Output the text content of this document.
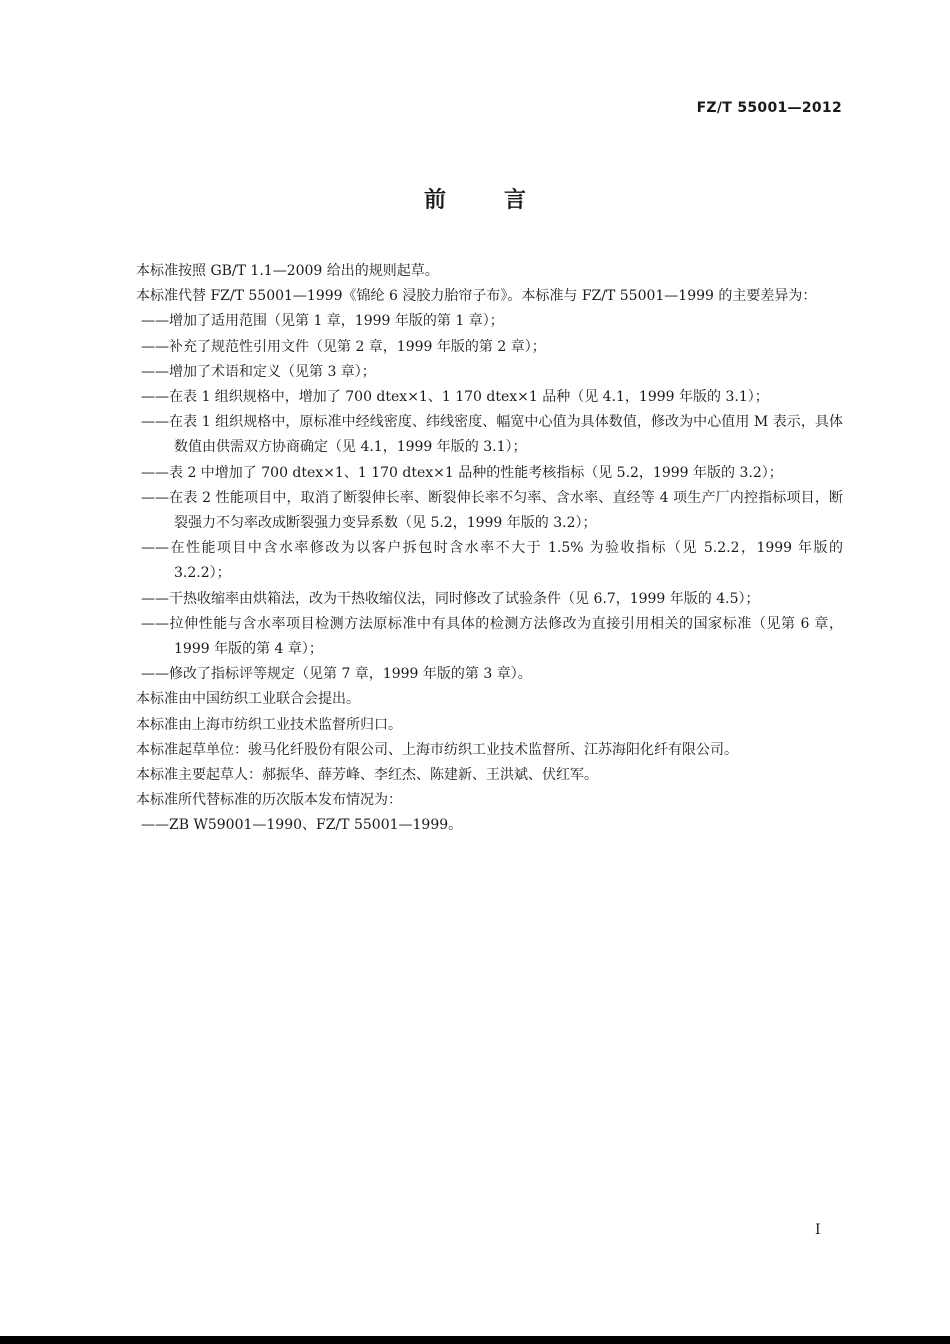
FZ/T 55001—2012
前	言

本标准按照 GB/T 1.1—2009 给出的规则起草。

本标准代替 FZ/T 55001—1999《锦纶 6 浸胶力胎帘子布》。本标准与 FZ/T 55001—1999 的主要差异为：

——增加了适用范围（见第 1 章，1999 年版的第 1 章）；

——补充了规范性引用文件（见第 2 章，1999 年版的第 2 章）；

——增加了术语和定义（见第 3 章）；

——在表 1 组织规格中，增加了 700 dtex×1、1 170 dtex×1 品种（见 4.1，1999 年版的 3.1）；

——在表 1 组织规格中，原标准中经线密度、纬线密度、幅宽中心值为具体数值，修改为中心值用 M 表示，具体数值由供需双方协商确定（见 4.1，1999 年版的 3.1）；

——表 2 中增加了 700 dtex×1、1 170 dtex×1 品种的性能考核指标（见 5.2，1999 年版的 3.2）；

——在表 2 性能项目中，取消了断裂伸长率、断裂伸长率不匀率、含水率、直经等 4 项生产厂内控指标项目，断裂强力不匀率改成断裂强力变异系数（见 5.2，1999 年版的 3.2）；

——在性能项目中含水率修改为以客户拆包时含水率不大于 1.5% 为验收指标（见 5.2.2，1999 年版的 3.2.2）；

——干热收缩率由烘箱法，改为干热收缩仪法，同时修改了试验条件（见 6.7，1999 年版的 4.5）；

——拉伸性能与含水率项目检测方法原标准中有具体的检测方法修改为直接引用相关的国家标准（见第 6 章，1999 年版的第 4 章）；

——修改了指标评等规定（见第 7 章，1999 年版的第 3 章）。

本标准由中国纺织工业联合会提出。

本标准由上海市纺织工业技术监督所归口。

本标准起草单位：骏马化纤股份有限公司、上海市纺织工业技术监督所、江苏海阳化纤有限公司。

本标准主要起草人：郝振华、薛芳峰、李红杰、陈建新、王洪斌、伏红军。

本标准所代替标准的历次版本发布情况为：

——ZB W59001—1990、FZ/T 55001—1999。

I
